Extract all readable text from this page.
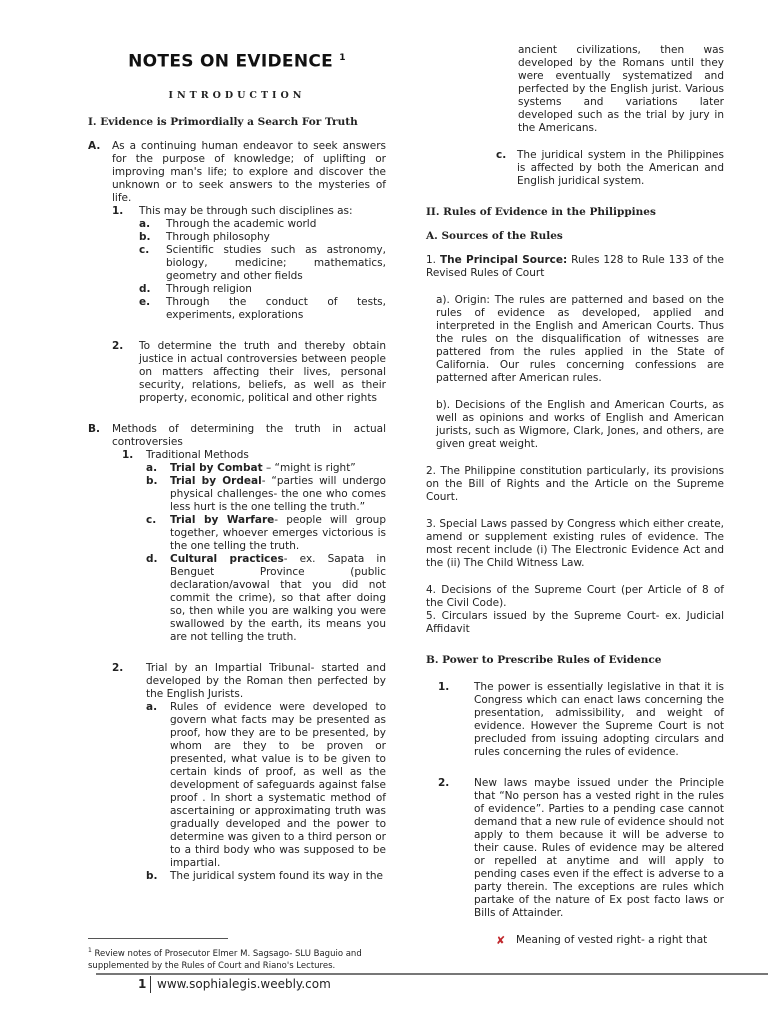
NOTES ON EVIDENCE $^1$
INTRODUCTION
I. Evidence is Primordially a Search For Truth
A.	As a continuing human endeavor to seek answers for the purpose of knowledge; of uplifting or improving man's life; to explore and discover the unknown or to seek answers to the mysteries of life.
1.	This may be through such disciplines as:
a.	Through the academic world
b.	Through philosophy
c.	Scientific studies such as astronomy, biology, medicine; mathematics, geometry and other fields
d.	Through religion
e.	Through the conduct of tests, experiments, explorations
2.	To determine the truth and thereby obtain justice in actual controversies between people on matters affecting their lives, personal security, relations, beliefs, as well as their property, economic, political and other rights
B.	Methods of determining the truth in actual controversies
1.	Traditional Methods
a.	Trial by Combat – “might is right”
b.	Trial by Ordeal- “parties will undergo physical challenges- the one who comes less hurt is the one telling the truth.”
c.	Trial by Warfare- people will group together, whoever emerges victorious is the one telling the truth.
d.	Cultural practices- ex. Sapata in Benguet Province (public declaration/avowal that you did not commit the crime), so that after doing so, then while you are walking you were swallowed by the earth, its means you are not telling the truth.
2.	Trial by an Impartial Tribunal- started and developed by the Roman then perfected by the English Jurists.
a.	Rules of evidence were developed to govern what facts may be presented as proof, how they are to be presented, by whom are they to be proven or presented, what value is to be given to certain kinds of proof, as well as the development of safeguards against false proof . In short a systematic method of ascertaining or approximating truth was gradually developed and the power to determine was given to a third person or to a third body who was supposed to be impartial.
b.	The juridical system found its way in the
ancient civilizations, then was developed by the Romans until they were eventually systematized and perfected by the English jurist. Various systems and variations later developed such as the trial by jury in the Americans.
c.	The juridical system in the Philippines is affected by both the American and English juridical system.
II. Rules of Evidence in the Philippines
A. Sources of the Rules
1. The Principal Source: Rules 128 to Rule 133 of the Revised Rules of Court
a). Origin: The rules are patterned and based on the rules of evidence as developed, applied and interpreted in the English and American Courts. Thus the rules on the disqualification of witnesses are pattered from the rules applied in the State of California. Our rules concerning confessions are patterned after American rules.
b). Decisions of the English and American Courts, as well as opinions and works of English and American jurists, such as Wigmore, Clark, Jones, and others, are given great weight.
2. The Philippine constitution particularly, its provisions on the Bill of Rights and the Article on the Supreme Court.
3. Special Laws passed by Congress which either create, amend or supplement existing rules of evidence. The most recent include (i) The Electronic Evidence Act and the (ii) The Child Witness Law.
4. Decisions of the Supreme Court (per Article of 8 of the Civil Code).
5. Circulars issued by the Supreme Court- ex. Judicial Affidavit
B. Power to Prescribe Rules of Evidence
1.	The power is essentially legislative in that it is Congress which can enact laws concerning the presentation, admissibility, and weight of evidence. However the Supreme Court is not precluded from issuing adopting circulars and rules concerning the rules of evidence.
2.	New laws maybe issued under the Principle that “No person has a vested right in the rules of evidence”. Parties to a pending case cannot demand that a new rule of evidence should not apply to them because it will be adverse to their cause. Rules of evidence may be altered or repelled at anytime and will apply to pending cases even if the effect is adverse to a party therein. The exceptions are rules which partake of the nature of Ex post facto laws or Bills of Attainder.
✘	Meaning of vested right- a right that
$^1$ Review notes of Prosecutor Elmer M. Sagsago- SLU Baguio and supplemented by the Rules of Court and Riano's Lectures.
1 www.sophialegis.weebly.com
